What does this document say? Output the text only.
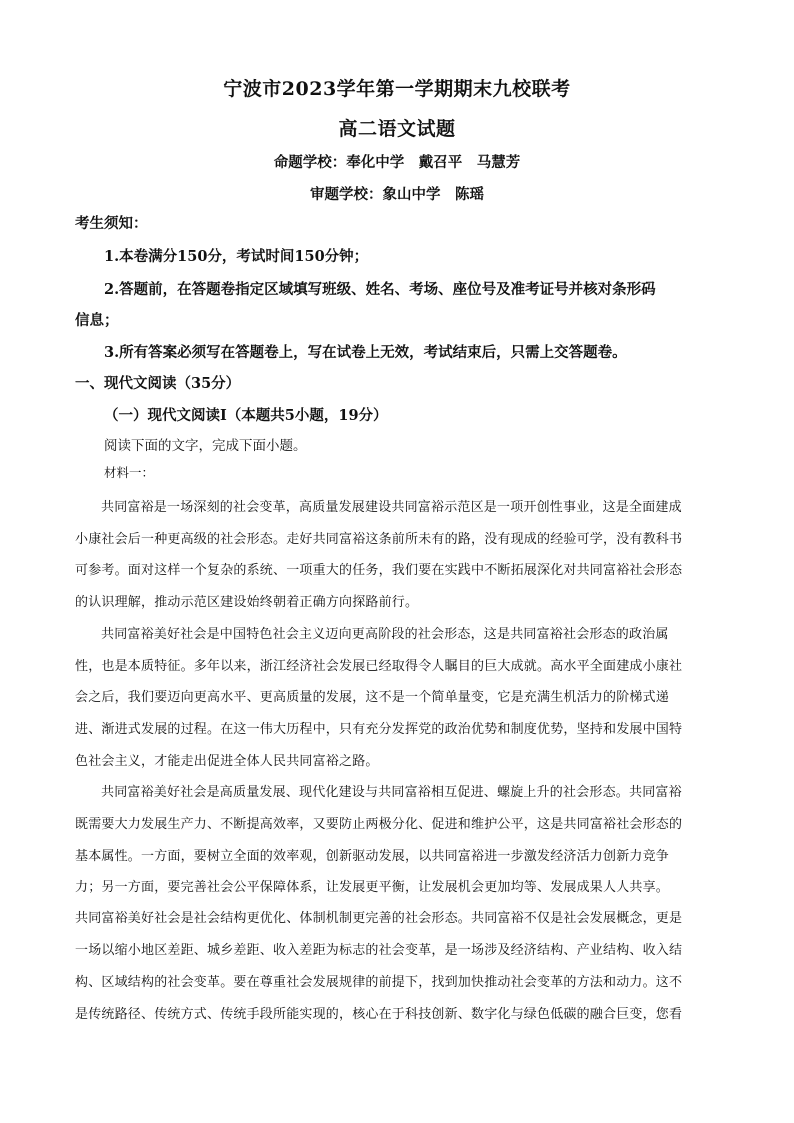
宁波市2023学年第一学期期末九校联考
高二语文试题
命题学校：奉化中学　戴召平　马慧芳
审题学校：象山中学　陈瑶
考生须知：
1.本卷满分150分，考试时间150分钟；
2.答题前，在答题卷指定区域填写班级、姓名、考场、座位号及准考证号并核对条形码
信息；
3.所有答案必须写在答题卷上，写在试卷上无效，考试结束后，只需上交答题卷。
一、现代文阅读（35分）
（一）现代文阅读Ⅰ（本题共5小题，19分）
阅读下面的文字，完成下面小题。
材料一：
共同富裕是一场深刻的社会变革，高质量发展建设共同富裕示范区是一项开创性事业，这是全面建成
小康社会后一种更高级的社会形态。走好共同富裕这条前所未有的路，没有现成的经验可学，没有教科书
可参考。面对这样一个复杂的系统、一项重大的任务，我们要在实践中不断拓展深化对共同富裕社会形态
的认识理解，推动示范区建设始终朝着正确方向探路前行。
共同富裕美好社会是中国特色社会主义迈向更高阶段的社会形态，这是共同富裕社会形态的政治属
性，也是本质特征。多年以来，浙江经济社会发展已经取得令人瞩目的巨大成就。高水平全面建成小康社
会之后，我们要迈向更高水平、更高质量的发展，这不是一个简单量变，它是充满生机活力的阶梯式递
进、渐进式发展的过程。在这一伟大历程中，只有充分发挥党的政治优势和制度优势，坚持和发展中国特
色社会主义，才能走出促进全体人民共同富裕之路。
共同富裕美好社会是高质量发展、现代化建设与共同富裕相互促进、螺旋上升的社会形态。共同富裕
既需要大力发展生产力、不断提高效率，又要防止两极分化、促进和维护公平，这是共同富裕社会形态的
基本属性。一方面，要树立全面的效率观，创新驱动发展，以共同富裕进一步激发经济活力创新力竞争
力；另一方面，要完善社会公平保障体系，让发展更平衡，让发展机会更加均等、发展成果人人共享。
共同富裕美好社会是社会结构更优化、体制机制更完善的社会形态。共同富裕不仅是社会发展概念，更是
一场以缩小地区差距、城乡差距、收入差距为标志的社会变革，是一场涉及经济结构、产业结构、收入结
构、区域结构的社会变革。要在尊重社会发展规律的前提下，找到加快推动社会变革的方法和动力。这不
是传统路径、传统方式、传统手段所能实现的，核心在于科技创新、数字化与绿色低碳的融合巨变，您看
